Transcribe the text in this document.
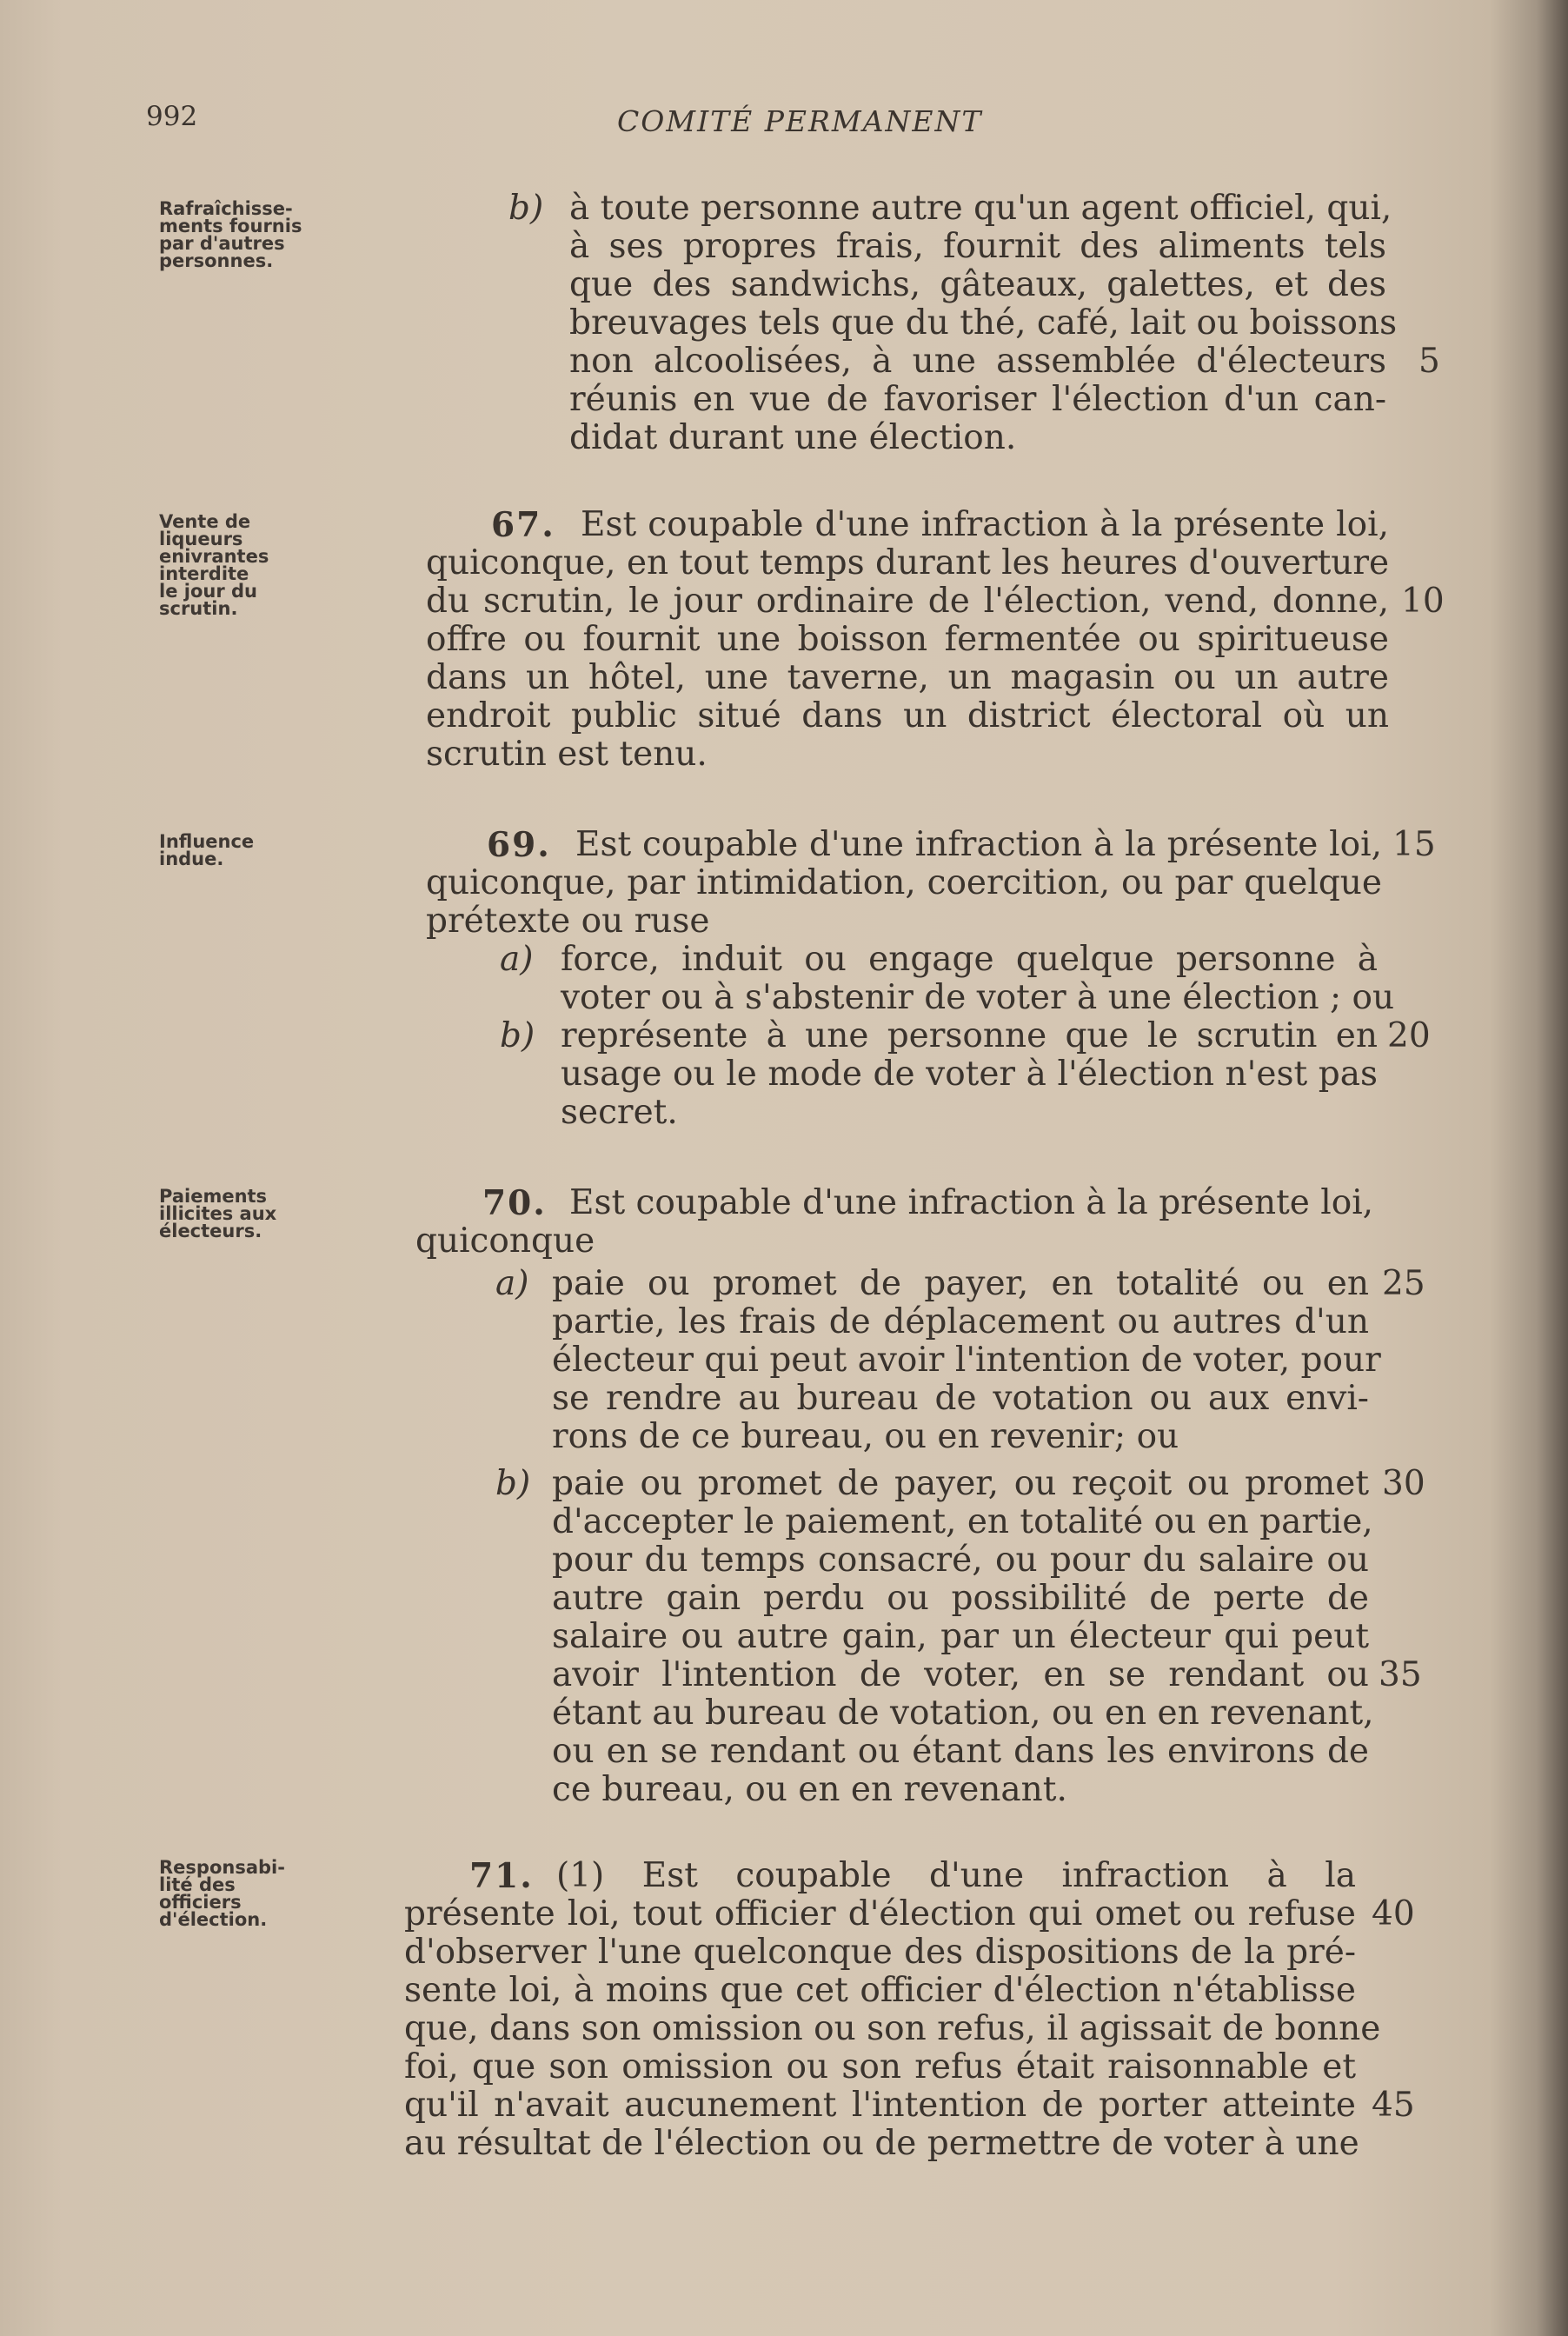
992	COMITÉ PERMANENT
Rafraîchisse-
ments fournis
par d'autres
personnes.
Vente de
liqueurs
enivrantes
interdite
le jour du
scrutin.
Influence
indue.
Paiements
illicites aux
électeurs.
Responsabi-
lité des
officiers
d'élection.
b) à toute personne autre qu'un agent officiel, qui,
à ses propres frais, fournit des aliments tels
que des sandwichs, gâteaux, galettes, et des
breuvages tels que du thé, café, lait ou boissons
non alcoolisées, à une assemblée d'électeurs
réunis en vue de favoriser l'élection d'un can-
didat durant une élection.
67. Est coupable d'une infraction à la présente loi,
quiconque, en tout temps durant les heures d'ouverture
du scrutin, le jour ordinaire de l'élection, vend, donne,
offre ou fournit une boisson fermentée ou spiritueuse
dans un hôtel, une taverne, un magasin ou un autre
endroit public situé dans un district électoral où un
scrutin est tenu.
69. Est coupable d'une infraction à la présente loi,
quiconque, par intimidation, coercition, ou par quelque
prétexte ou ruse
a) force, induit ou engage quelque personne à
voter ou à s'abstenir de voter à une élection ; ou
b) représente à une personne que le scrutin en
usage ou le mode de voter à l'élection n'est pas
secret.
70. Est coupable d'une infraction à la présente loi,
quiconque
a) paie ou promet de payer, en totalité ou en
partie, les frais de déplacement ou autres d'un
électeur qui peut avoir l'intention de voter, pour
se rendre au bureau de votation ou aux envi-
rons de ce bureau, ou en revenir; ou
b) paie ou promet de payer, ou reçoit ou promet
d'accepter le paiement, en totalité ou en partie,
pour du temps consacré, ou pour du salaire ou
autre gain perdu ou possibilité de perte de
salaire ou autre gain, par un électeur qui peut
avoir l'intention de voter, en se rendant ou
étant au bureau de votation, ou en en revenant,
ou en se rendant ou étant dans les environs de
ce bureau, ou en en revenant.
71. (1) Est coupable d'une infraction à la
présente loi, tout officier d'élection qui omet ou refuse
d'observer l'une quelconque des dispositions de la pré-
sente loi, à moins que cet officier d'élection n'établisse
que, dans son omission ou son refus, il agissait de bonne
foi, que son omission ou son refus était raisonnable et
qu'il n'avait aucunement l'intention de porter atteinte
au résultat de l'élection ou de permettre de voter à une
5
10
15
20
25
30
35
40
45
